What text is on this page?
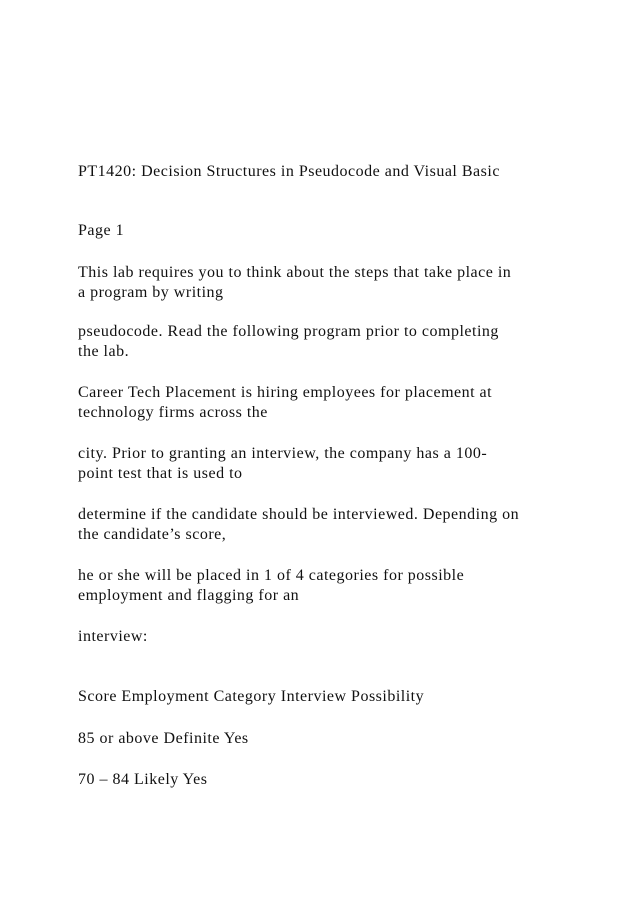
PT1420: Decision Structures in Pseudocode and Visual Basic
Page 1
This lab requires you to think about the steps that take place in
a program by writing
pseudocode. Read the following program prior to completing
the lab.
Career Tech Placement is hiring employees for placement at
technology firms across the
city. Prior to granting an interview, the company has a 100-
point test that is used to
determine if the candidate should be interviewed. Depending on
the candidate’s score,
he or she will be placed in 1 of 4 categories for possible
employment and flagging for an
interview:
Score Employment Category Interview Possibility
85 or above Definite Yes
70 – 84 Likely Yes
